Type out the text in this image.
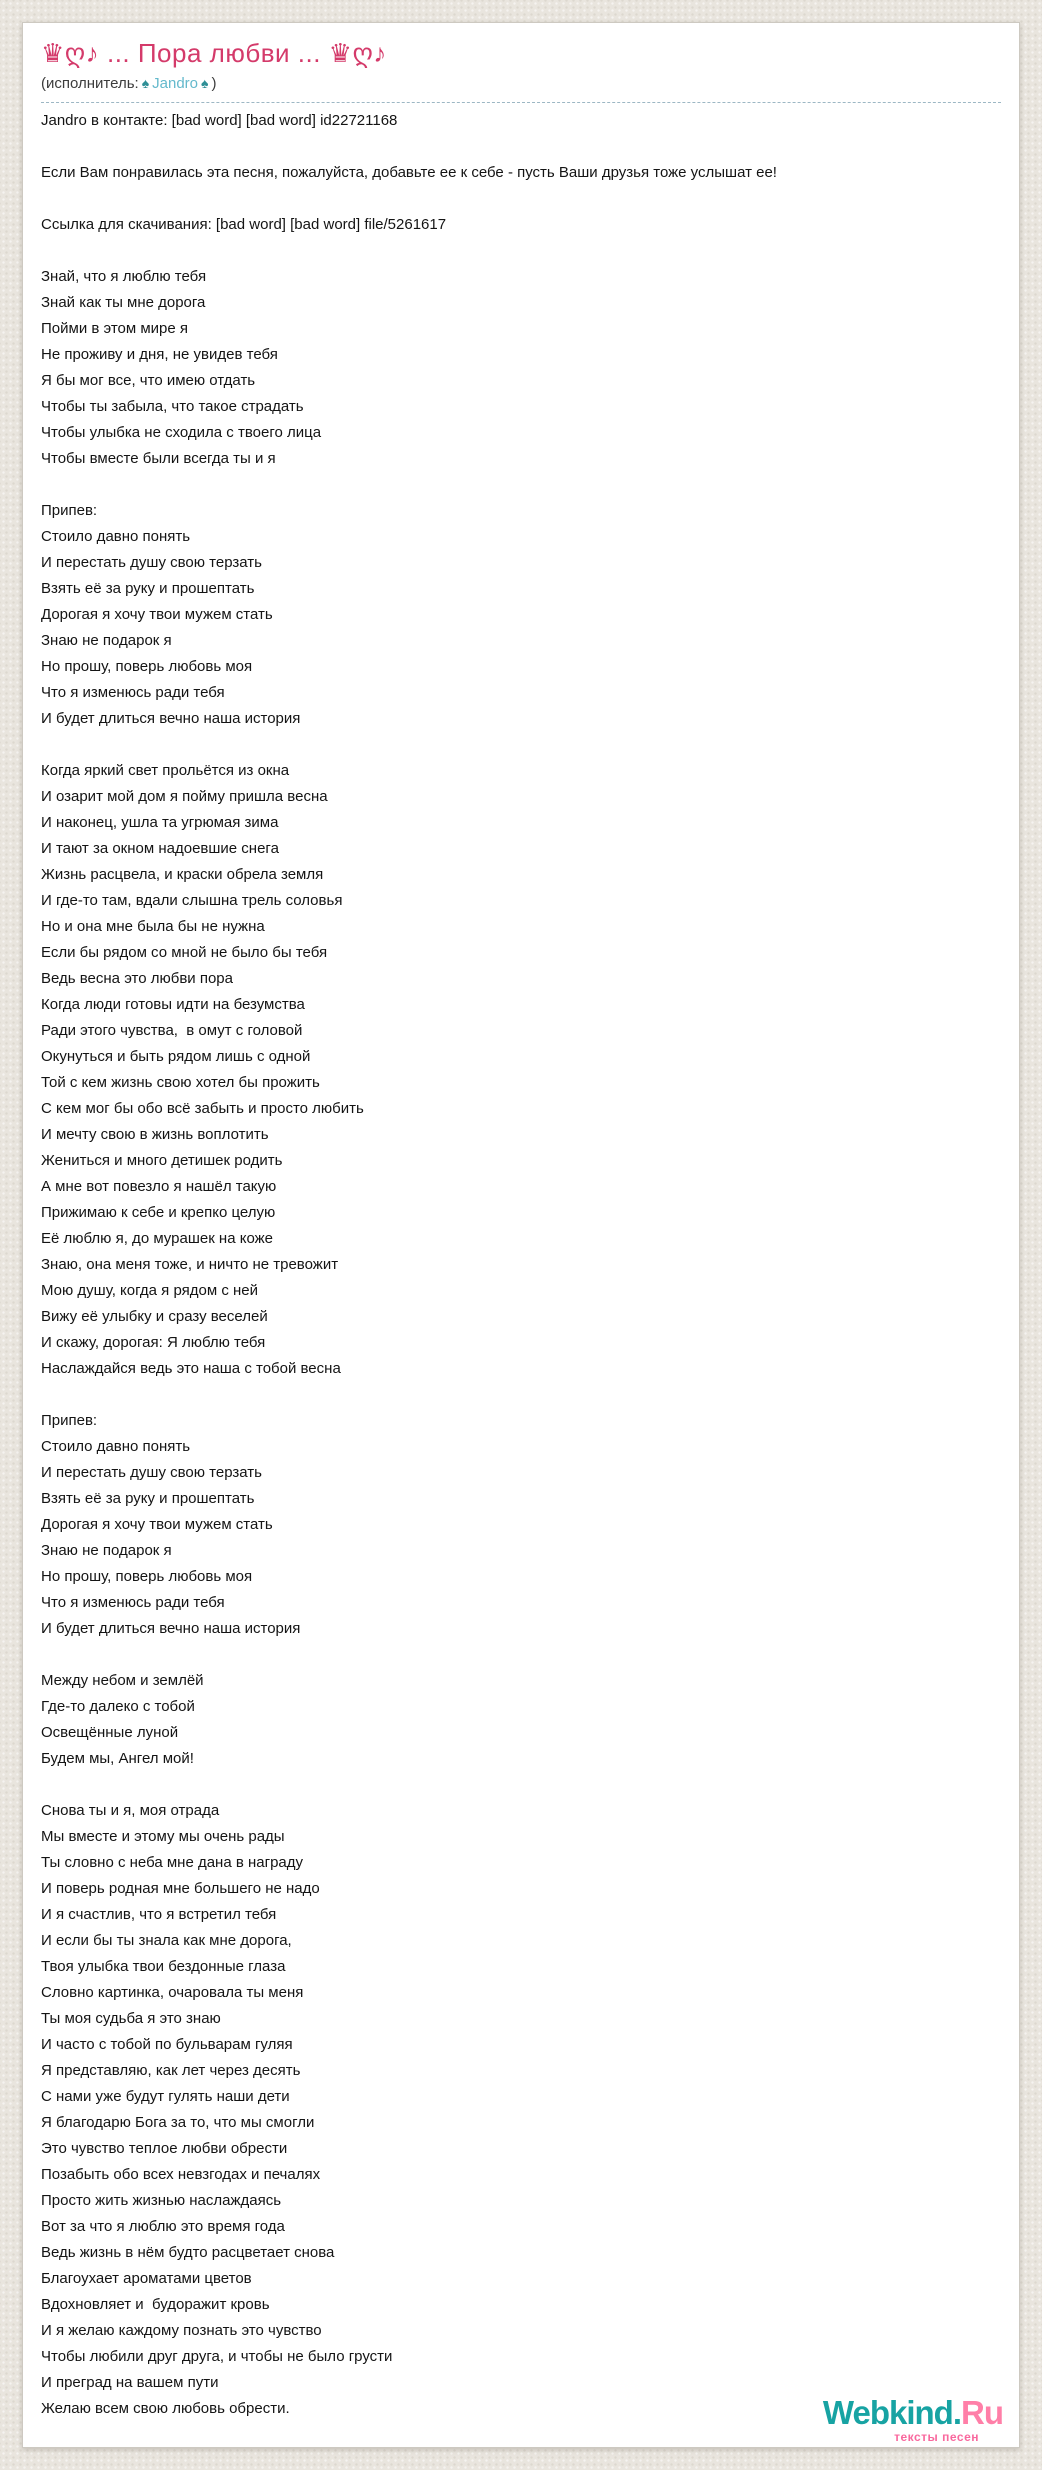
♛ღ♪ ... Пора любви ... ♛ღ♪
(исполнитель: ♠ Jandro ♠ )
Jandro в контакте: [bad word] [bad word] id22721168

Если Вам понравилась эта песня, пожалуйста, добавьте ее к себе - пусть Ваши друзья тоже услышат ее!

Ссылка для скачивания: [bad word] [bad word] file/5261617

Знай, что я люблю тебя
Знай как ты мне дорога
Пойми в этом мире я
Не проживу и дня, не увидев тебя
Я бы мог все, что имею отдать
Чтобы ты забыла, что такое страдать
Чтобы улыбка не сходила с твоего лица
Чтобы вместе были всегда ты и я

Припев:
Стоило давно понять
И перестать душу свою терзать
Взять её за руку и прошептать
Дорогая я хочу твои мужем стать
Знаю не подарок я
Но прошу, поверь любовь моя
Что я изменюсь ради тебя
И будет длиться вечно наша история

Когда яркий свет прольётся из окна
И озарит мой дом я пойму пришла весна
И наконец, ушла та угрюмая зима
И тают за окном надоевшие снега
Жизнь расцвела, и краски обрела земля
И где-то там, вдали слышна трель соловья
Но и она мне была бы не нужна
Если бы рядом со мной не было бы тебя
Ведь весна это любви пора
Когда люди готовы идти на безумства
Ради этого чувства,  в омут с головой
Окунуться и быть рядом лишь с одной
Той с кем жизнь свою хотел бы прожить
С кем мог бы обо всё забыть и просто любить
И мечту свою в жизнь воплотить
Жениться и много детишек родить
А мне вот повезло я нашёл такую
Прижимаю к себе и крепко целую
Её люблю я, до мурашек на коже
Знаю, она меня тоже, и ничто не тревожит
Мою душу, когда я рядом с ней
Вижу её улыбку и сразу веселей
И скажу, дорогая: Я люблю тебя
Наслаждайся ведь это наша с тобой весна

Припев:
Стоило давно понять
И перестать душу свою терзать
Взять её за руку и прошептать
Дорогая я хочу твои мужем стать
Знаю не подарок я
Но прошу, поверь любовь моя
Что я изменюсь ради тебя
И будет длиться вечно наша история

Между небом и землёй
Где-то далеко с тобой
Освещённые луной
Будем мы, Ангел мой!

Снова ты и я, моя отрада
Мы вместе и этому мы очень рады
Ты словно с неба мне дана в награду
И поверь родная мне большего не надо
И я счастлив, что я встретил тебя
И если бы ты знала как мне дорога,
Твоя улыбка твои бездонные глаза
Словно картинка, очаровала ты меня
Ты моя судьба я это знаю
И часто с тобой по бульварам гуляя
Я представляю, как лет через десять
С нами уже будут гулять наши дети
Я благодарю Бога за то, что мы смогли
Это чувство теплое любви обрести
Позабыть обо всех невзгодах и печалях
Просто жить жизнью наслаждаясь
Вот за что я люблю это время года
Ведь жизнь в нём будто расцветает снова
Благоухает ароматами цветов
Вдохновляет и  будоражит кровь
И я желаю каждому познать это чувство
Чтобы любили друг друга, и чтобы не было грусти
И преград на вашем пути
Желаю всем свою любовь обрести.	Webkind.Ru
тексты песен
